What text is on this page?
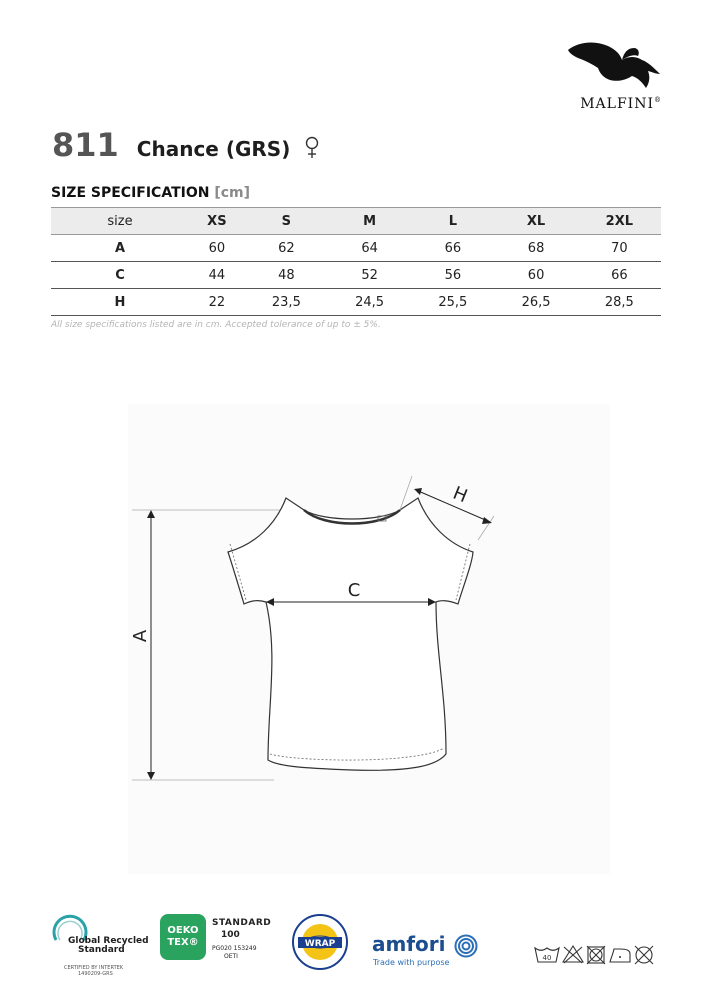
MALFINI®
811 Chance (GRS)
SIZE SPECIFICATION [cm]
size	XS	S	M	L	XL	2XL
A	60	62	64	66	68	70
C	44	48	52	56	60	66
H	22	23,5	24,5	25,5	26,5	28,5
All size specifications listed are in cm. Accepted tolerance of up to ± 5%.
A
C
H
Global Recycled
Standard
CERTIFIED BY INTERTEK
1490209-GRS
OEKO
TEX®
STANDARD
100
PG020 153249
OETI
WRAP amfori
Trade with purpose	40
